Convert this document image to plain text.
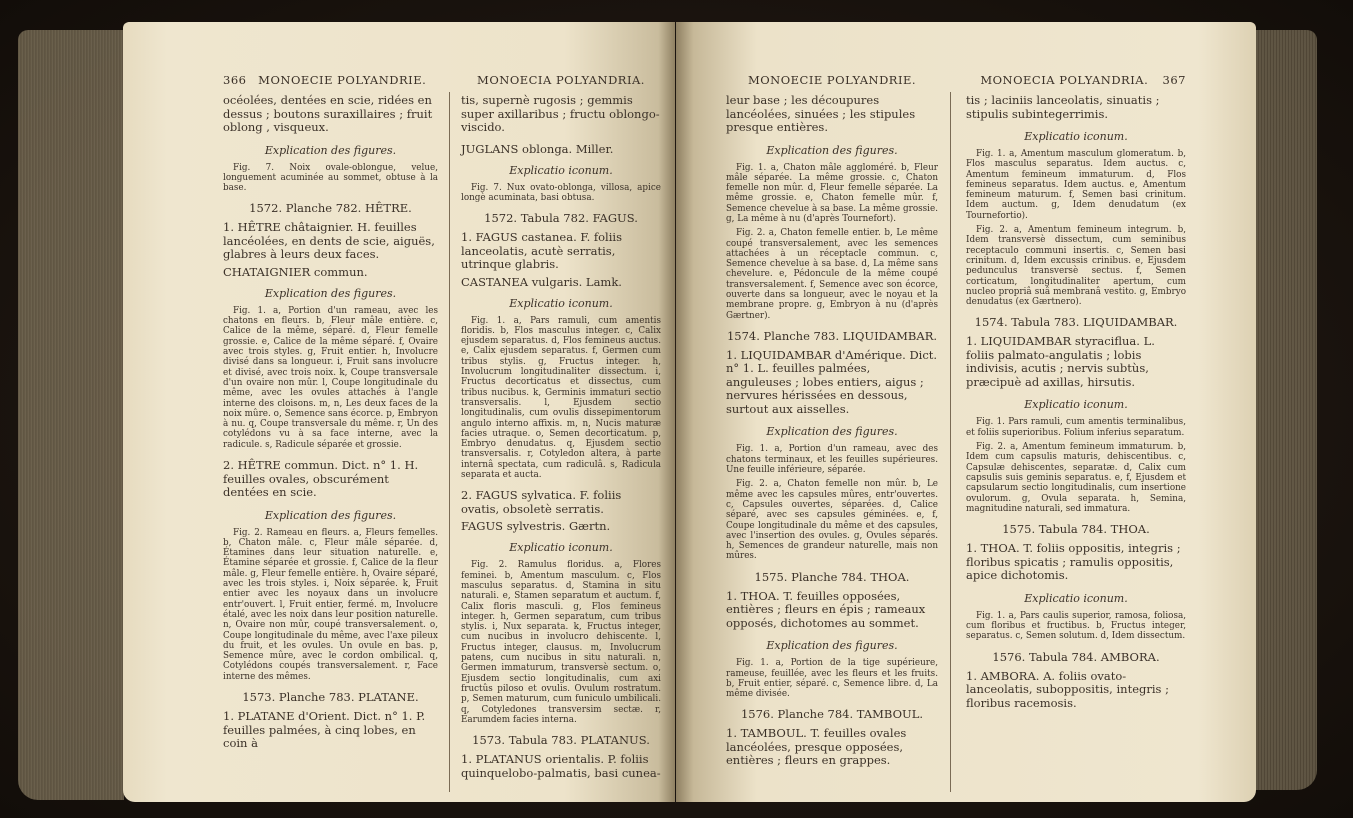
366	MONOECIE POLYANDRIE.
océolées, dentées en scie, ridées en dessus ; boutons suraxillaires ; fruit oblong , visqueux.
Explication des figures.
Fig. 7. Noix ovale-oblongue, velue, longuement acuminée au sommet, obtuse à la base.
1572. Planche 782. HÊTRE.
1. HÊTRE châtaignier. H. feuilles lancéolées, en dents de scie, aiguës, glabres à leurs deux faces.
CHATAIGNIER commun.
Explication des figures.
Fig. 1. a, Portion d'un rameau, avec les chatons en fleurs. b, Fleur mâle entière. c, Calice de la même, séparé. d, Fleur femelle grossie. e, Calice de la même séparé. f, Ovaire avec trois styles. g, Fruit entier. h, Involucre divisé dans sa longueur. i, Fruit sans involucre et divisé, avec trois noix. k, Coupe transversale d'un ovaire non mûr. l, Coupe longitudinale du même, avec les ovules attachés à l'angle interne des cloisons. m, n, Les deux faces de la noix mûre. o, Semence sans écorce. p, Embryon à nu. q, Coupe transversale du même. r, Un des cotylédons vu à sa face interne, avec la radicule. s, Radicule séparée et grossie.
2. HÊTRE commun. Dict. n° 1. H. feuilles ovales, obscurément dentées en scie.
Explication des figures.
Fig. 2. Rameau en fleurs. a, Fleurs femelles. b, Chaton mâle. c, Fleur mâle séparée. d, Étamines dans leur situation naturelle. e, Étamine séparée et grossie. f, Calice de la fleur mâle. g, Fleur femelle entière. h, Ovaire séparé, avec les trois styles. i, Noix séparée. k, Fruit entier avec les noyaux dans un involucre entr'ouvert. l, Fruit entier, fermé. m, Involucre étalé, avec les noix dans leur position naturelle. n, Ovaire non mûr, coupé transversalement. o, Coupe longitudinale du même, avec l'axe pileux du fruit, et les ovules. Un ovule en bas. p, Semence mûre, avec le cordon ombilical. q, Cotylédons coupés transversalement. r, Face interne des mêmes.
1573. Planche 783. PLATANE.
1. PLATANE d'Orient. Dict. n° 1. P. feuilles palmées, à cinq lobes, en coin à
MONOECIA POLYANDRIA.
tis, supernè rugosis ; gemmis super axillaribus ; fructu oblongo-viscido.
JUGLANS oblonga. Miller.
Explicatio iconum.
Fig. 7. Nux ovato-oblonga, villosa, apice longè acuminata, basi obtusa.
1572. Tabula 782. FAGUS.
1. FAGUS castanea. F. foliis lanceolatis, acutè serratis, utrinque glabris.
CASTANEA vulgaris. Lamk.
Explicatio iconum.
Fig. 1. a, Pars ramuli, cum amentis floridis. b, Flos masculus integer. c, Calix ejusdem separatus. d, Flos femineus auctus. e, Calix ejusdem separatus. f, Germen cum tribus stylis. g, Fructus integer. h, Involucrum longitudinaliter dissectum. i, Fructus decorticatus et dissectus, cum tribus nucibus. k, Germinis immaturi sectio transversalis. l, Ejusdem sectio longitudinalis, cum ovulis dissepimentorum angulo interno affixis. m, n, Nucis maturæ facies utraque. o, Semen decorticatum. p, Embryo denudatus. q, Ejusdem sectio transversalis. r, Cotyledon altera, à parte internâ spectata, cum radiculâ. s, Radicula separata et aucta.
2. FAGUS sylvatica. F. foliis ovatis, obsoletè serratis.
FAGUS sylvestris. Gærtn.
Explicatio iconum.
Fig. 2. Ramulus floridus. a, Flores feminei. b, Amentum masculum. c, Flos masculus separatus. d, Stamina in situ naturali. e, Stamen separatum et auctum. f, Calix floris masculi. g, Flos femineus integer. h, Germen separatum, cum tribus stylis. i, Nux separata. k, Fructus integer, cum nucibus in involucro dehiscente. l, Fructus integer, clausus. m, Involucrum patens, cum nucibus in situ naturali. n, Germen immaturum, transversè sectum. o, Ejusdem sectio longitudinalis, cum axi fructûs piloso et ovulis. Ovulum rostratum. p, Semen maturum, cum funiculo umbilicali. q, Cotyledones transversim sectæ. r, Earumdem facies interna.
1573. Tabula 783. PLATANUS.
1. PLATANUS orientalis. P. foliis quinquelobo-palmatis, basi cunea-
MONOECIE POLYANDRIE.
leur base ; les découpures lancéolées, sinuées ; les stipules presque entières.
Explication des figures.
Fig. 1. a, Chaton mâle aggloméré. b, Fleur mâle séparée. La même grossie. c, Chaton femelle non mûr. d, Fleur femelle séparée. La même grossie. e, Chaton femelle mûr. f, Semence chevelue à sa base. La même grossie. g, La même à nu (d'après Tournefort).
Fig. 2. a, Chaton femelle entier. b, Le même coupé transversalement, avec les semences attachées à un réceptacle commun. c, Semence chevelue à sa base. d, La même sans chevelure. e, Pédoncule de la même coupé transversalement. f, Semence avec son écorce, ouverte dans sa longueur, avec le noyau et la membrane propre. g, Embryon à nu (d'après Gærtner).
1574. Planche 783. LIQUIDAMBAR.
1. LIQUIDAMBAR d'Amérique. Dict. n° 1. L. feuilles palmées, anguleuses ; lobes entiers, aigus ; nervures hérissées en dessous, surtout aux aisselles.
Explication des figures.
Fig. 1. a, Portion d'un rameau, avec des chatons terminaux, et les feuilles supérieures. Une feuille inférieure, séparée.
Fig. 2. a, Chaton femelle non mûr. b, Le même avec les capsules mûres, entr'ouvertes. c, Capsules ouvertes, séparées. d, Calice séparé, avec ses capsules géminées. e, f, Coupe longitudinale du même et des capsules, avec l'insertion des ovules. g, Ovules séparés. h, Semences de grandeur naturelle, mais non mûres.
1575. Planche 784. THOA.
1. THOA. T. feuilles opposées, entières ; fleurs en épis ; rameaux opposés, dichotomes au sommet.
Explication des figures.
Fig. 1. a, Portion de la tige supérieure, rameuse, feuillée, avec les fleurs et les fruits. b, Fruit entier, séparé. c, Semence libre. d, La même divisée.
1576. Planche 784. TAMBOUL.
1. TAMBOUL. T. feuilles ovales lancéolées, presque opposées, entières ; fleurs en grappes.
MONOECIA POLYANDRIA.	367
tis ; laciniis lanceolatis, sinuatis ; stipulis subintegerrimis.
Explicatio iconum.
Fig. 1. a, Amentum masculum glomeratum. b, Flos masculus separatus. Idem auctus. c, Amentum femineum immaturum. d, Flos femineus separatus. Idem auctus. e, Amentum femineum maturum. f, Semen basi crinitum. Idem auctum. g, Idem denudatum (ex Tournefortio).
Fig. 2. a, Amentum femineum integrum. b, Idem transversè dissectum, cum seminibus receptaculo communi insertis. c, Semen basi crinitum. d, Idem excussis crinibus. e, Ejusdem pedunculus transversè sectus. f, Semen corticatum, longitudinaliter apertum, cum nucleo propriâ suâ membranâ vestito. g, Embryo denudatus (ex Gærtnero).
1574. Tabula 783. LIQUIDAMBAR.
1. LIQUIDAMBAR styraciflua. L. foliis palmato-angulatis ; lobis indivisis, acutis ; nervis subtùs, præcipuè ad axillas, hirsutis.
Explicatio iconum.
Fig. 1. Pars ramuli, cum amentis terminalibus, et foliis superioribus. Folium inferius separatum.
Fig. 2. a, Amentum femineum immaturum. b, Idem cum capsulis maturis, dehiscentibus. c, Capsulæ dehiscentes, separatæ. d, Calix cum capsulis suis geminis separatus. e, f, Ejusdem et capsularum sectio longitudinalis, cum insertione ovulorum. g, Ovula separata. h, Semina, magnitudine naturali, sed immatura.
1575. Tabula 784. THOA.
1. THOA. T. foliis oppositis, integris ; floribus spicatis ; ramulis oppositis, apice dichotomis.
Explicatio iconum.
Fig. 1. a, Pars caulis superior, ramosa, foliosa, cum floribus et fructibus. b, Fructus integer, separatus. c, Semen solutum. d, Idem dissectum.
1576. Tabula 784. AMBORA.
1. AMBORA. A. foliis ovato-lanceolatis, suboppositis, integris ; floribus racemosis.
